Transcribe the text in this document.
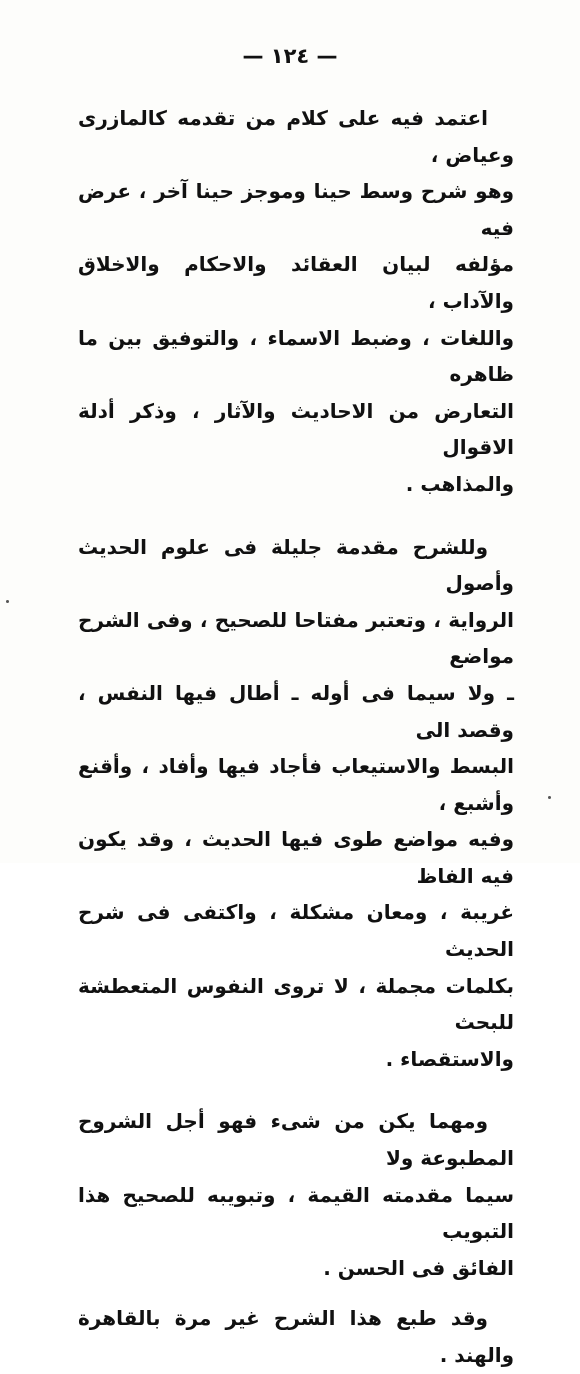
— ١٢٤ —

اعتمد فيه على كلام من تقدمه كالمازرى وعياض ،
وهو شرح وسط حينا وموجز حينا آخر ، عرض فيه
مؤلفه لبيان العقائد والاحكام والاخلاق والآداب ،
واللغات ، وضبط الاسماء ، والتوفيق بين ما ظاهره
التعارض من الاحاديث والآثار ، وذكر أدلة الاقوال
والمذاهب .

وللشرح مقدمة جليلة فى علوم الحديث وأصول
الرواية ، وتعتبر مفتاحا للصحيح ، وفى الشرح مواضع
ـ ولا سيما فى أوله ـ أطال فيها النفس ، وقصد الى
البسط والاستيعاب فأجاد فيها وأفاد ، وأقنع وأشبع ،
وفيه مواضع طوى فيها الحديث ، وقد يكون فيه الفاظ
غريبة ، ومعان مشكلة ، واكتفى فى شرح الحديث
بكلمات مجملة ، لا تروى النفوس المتعطشة للبحث
والاستقصاء .

ومهما يكن من شىء فهو أجل الشروح المطبوعة ولا
سيما مقدمته القيمة ، وتبويبه للصحيح هذا التبويب
الفائق فى الحسن .

وقد طبع هذا الشرح غير مرة بالقاهرة والهند .
